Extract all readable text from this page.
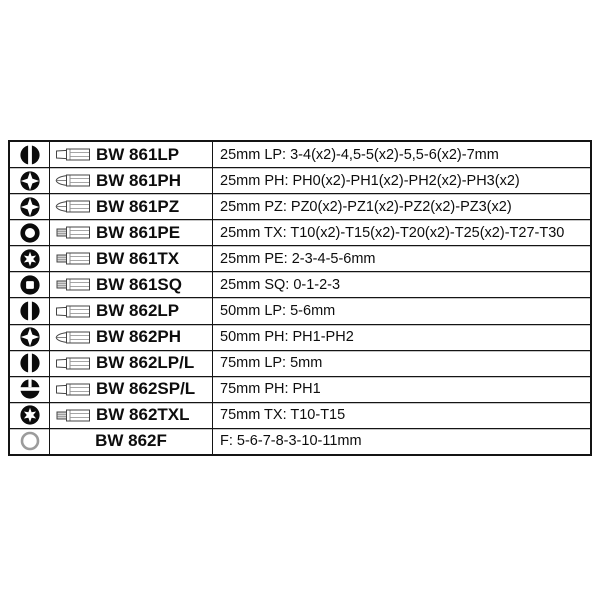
BW 861LP	25mm LP: 3-4(x2)-4,5-5(x2)-5,5-6(x2)-7mm
BW 861PH	25mm PH: PH0(x2)-PH1(x2)-PH2(x2)-PH3(x2)
BW 861PZ	25mm PZ: PZ0(x2)-PZ1(x2)-PZ2(x2)-PZ3(x2)
BW 861PE	25mm TX: T10(x2)-T15(x2)-T20(x2)-T25(x2)-T27-T30
BW 861TX	25mm PE: 2-3-4-5-6mm
BW 861SQ	25mm SQ: 0-1-2-3
BW 862LP	50mm LP: 5-6mm
BW 862PH	50mm PH: PH1-PH2
BW 862LP/L 75mm LP: 5mm
BW 862SP/L 75mm PH: PH1
BW 862TXL 75mm TX: T10-T15
BW 862F	F: 5-6-7-8-3-10-11mm
